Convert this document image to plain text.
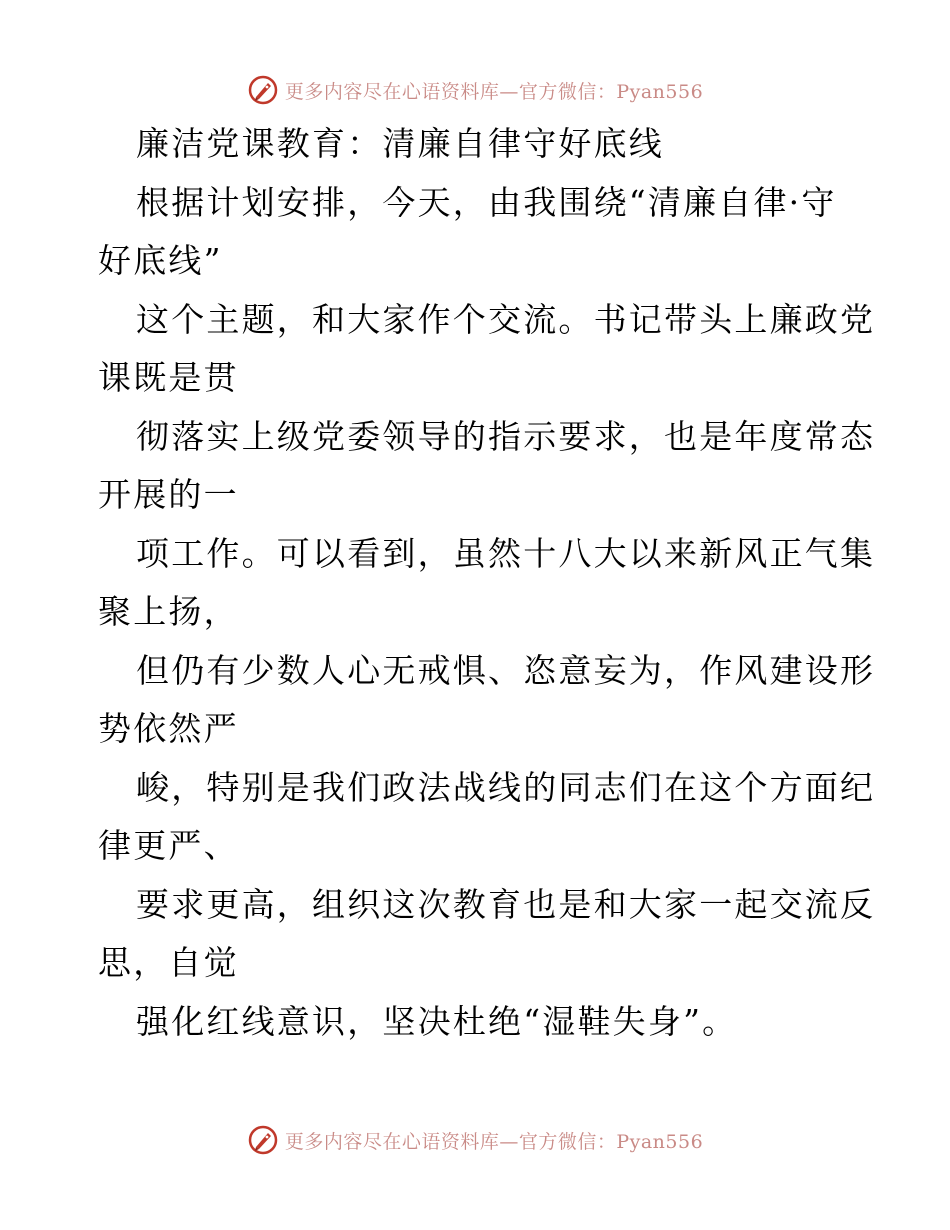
更多内容尽在心语资料库—官方微信：Pyan556
廉洁党课教育：清廉自律守好底线
根据计划安排，今天，由我围绕“清廉自律·守
好底线”
这个主题，和大家作个交流。书记带头上廉政党
课既是贯
彻落实上级党委领导的指示要求，也是年度常态
开展的一
项工作。可以看到，虽然十八大以来新风正气集
聚上扬，
但仍有少数人心无戒惧、恣意妄为，作风建设形
势依然严
峻，特别是我们政法战线的同志们在这个方面纪
律更严、
要求更高，组织这次教育也是和大家一起交流反
思，自觉
强化红线意识，坚决杜绝“湿鞋失身”。
更多内容尽在心语资料库—官方微信：Pyan556
